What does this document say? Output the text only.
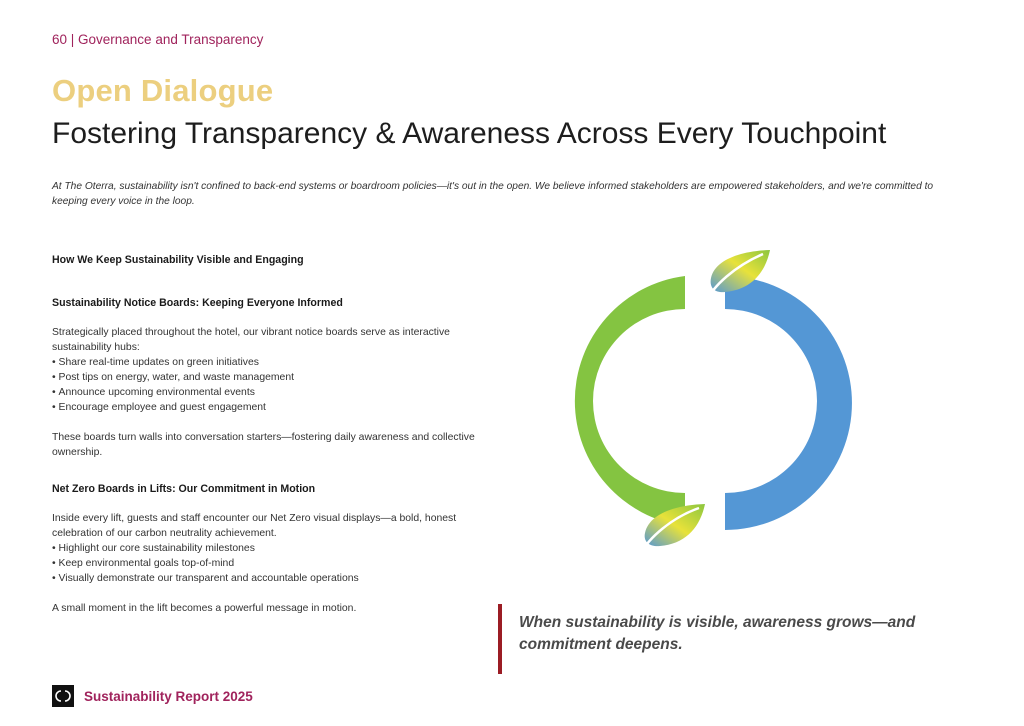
60 | Governance and Transparency
Open Dialogue
Fostering Transparency & Awareness Across Every Touchpoint

At The Oterra, sustainability isn't confined to back-end systems or boardroom policies—it's out in the open. We believe informed stakeholders are empowered stakeholders, and we're committed to keeping every voice in the loop.

How We Keep Sustainability Visible and Engaging
Sustainability Notice Boards: Keeping Everyone Informed

Strategically placed throughout the hotel, our vibrant notice boards serve as interactive sustainability hubs:

• Share real-time updates on green initiatives
• Post tips on energy, water, and waste management
• Announce upcoming environmental events
• Encourage employee and guest engagement

These boards turn walls into conversation starters—fostering daily awareness and collective ownership.

Net Zero Boards in Lifts: Our Commitment in Motion

Inside every lift, guests and staff encounter our Net Zero visual displays—a bold, honest celebration of our carbon neutrality achievement.

• Highlight our core sustainability milestones
• Keep environmental goals top-of-mind
• Visually demonstrate our transparent and accountable operations

A small moment in the lift becomes a powerful message in motion.

When sustainability is visible, awareness grows—and commitment deepens.

Sustainability Report 2025
